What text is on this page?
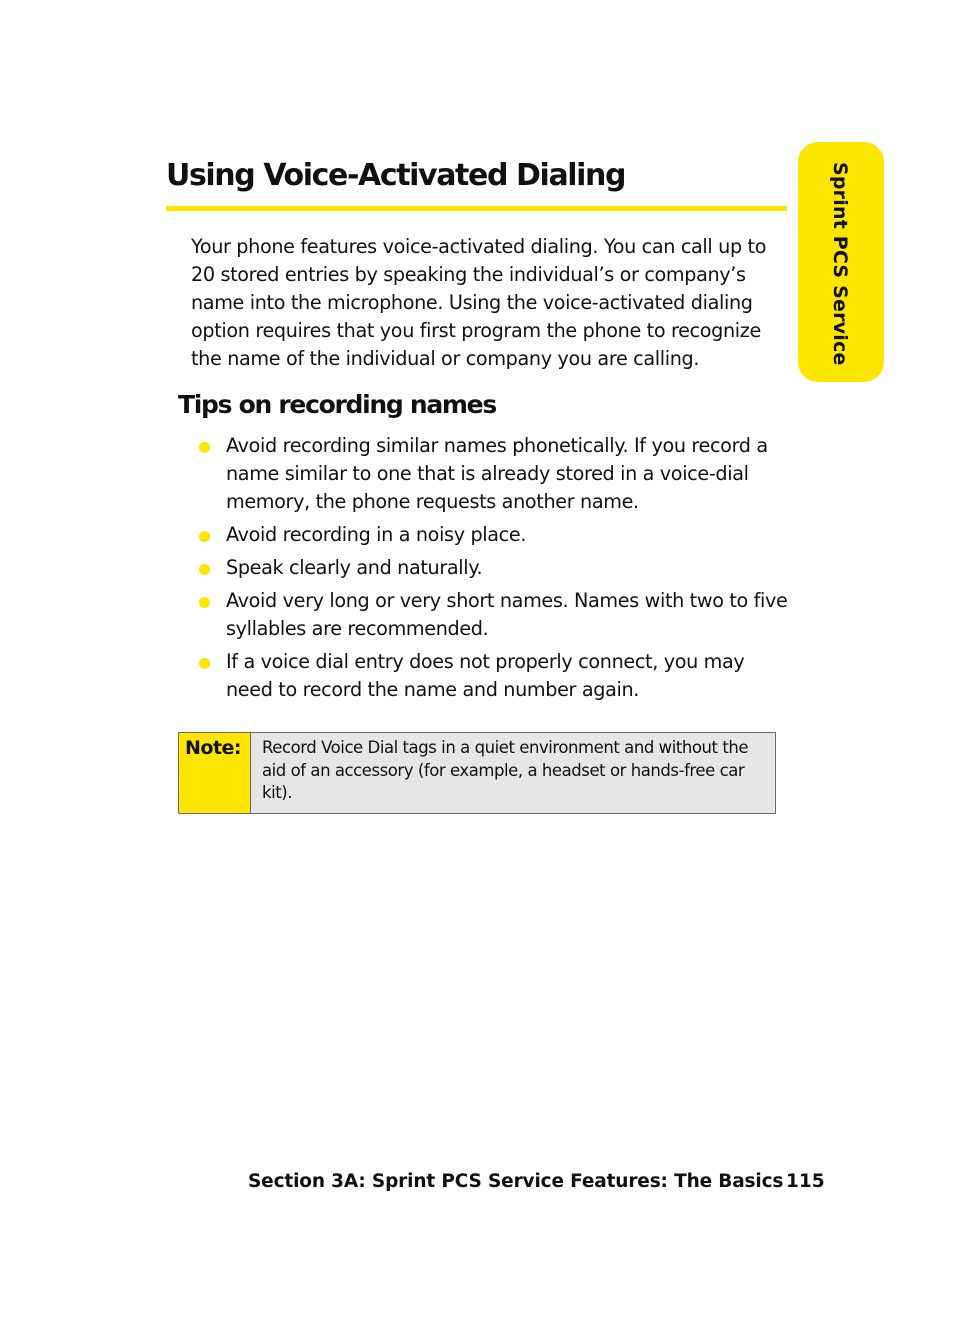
Sprint PCS Service
Using Voice-Activated Dialing

Your phone features voice-activated dialing. You can call up to 20 stored entries by speaking the individual’s or company’s name into the microphone. Using the voice-activated dialing option requires that you first program the phone to recognize the name of the individual or company you are calling.

Tips on recording names
Avoid recording similar names phonetically. If you record a name similar to one that is already stored in a voice-dial memory, the phone requests another name.
Avoid recording in a noisy place.
Speak clearly and naturally.
Avoid very long or very short names. Names with two to five syllables are recommended.
If a voice dial entry does not properly connect, you may need to record the name and number again.
Note:	Record Voice Dial tags in a quiet environment and without the aid of an accessory (for example, a headset or hands-free car kit).
Section 3A: Sprint PCS Service Features: The Basics 115
